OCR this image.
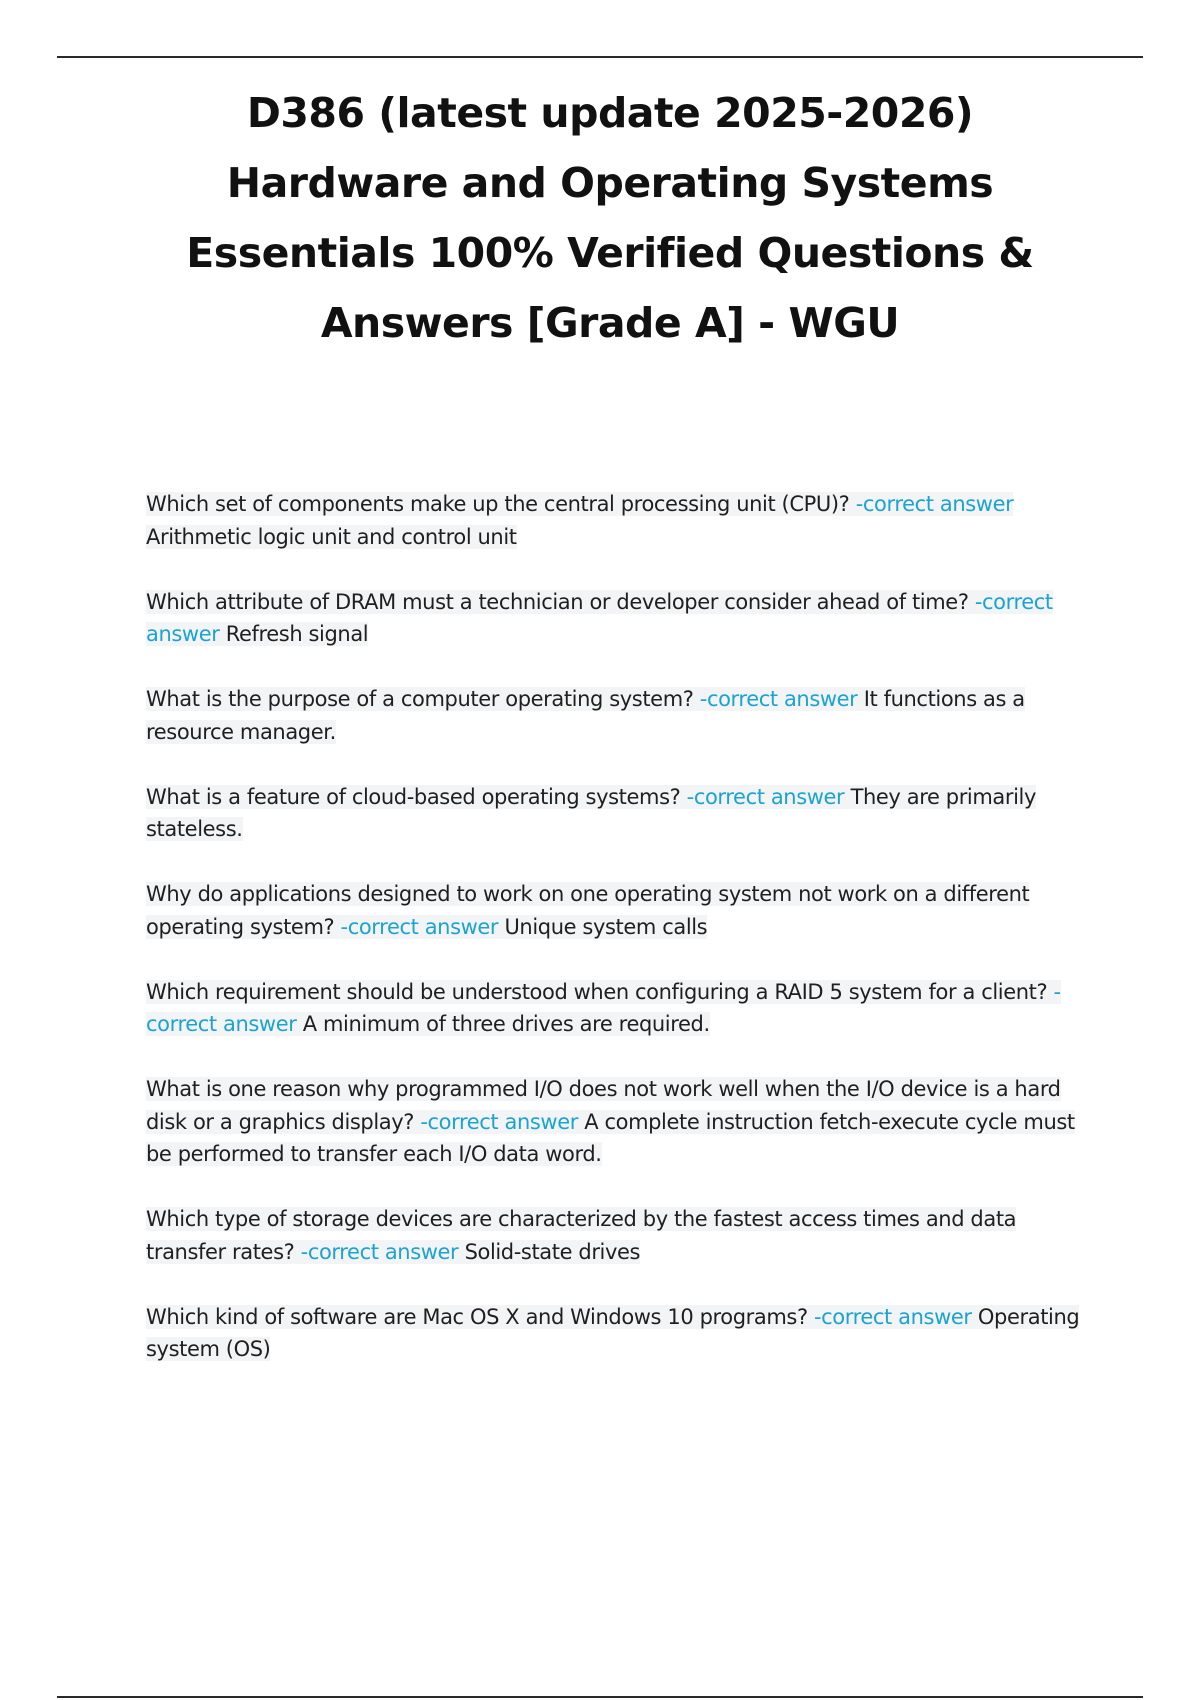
D386 (latest update 2025-2026) Hardware and Operating Systems Essentials 100% Verified Questions & Answers [Grade A] - WGU

Which set of components make up the central processing unit (CPU)? -correct answer Arithmetic logic unit and control unit

Which attribute of DRAM must a technician or developer consider ahead of time? -correct answer Refresh signal

What is the purpose of a computer operating system? -correct answer It functions as a resource manager.

What is a feature of cloud-based operating systems? -correct answer They are primarily stateless.

Why do applications designed to work on one operating system not work on a different operating system? -correct answer Unique system calls

Which requirement should be understood when configuring a RAID 5 system for a client? -correct answer A minimum of three drives are required.

What is one reason why programmed I/O does not work well when the I/O device is a hard disk or a graphics display? -correct answer A complete instruction fetch-execute cycle must be performed to transfer each I/O data word.

Which type of storage devices are characterized by the fastest access times and data transfer rates? -correct answer Solid-state drives

Which kind of software are Mac OS X and Windows 10 programs? -correct answer Operating system (OS)
